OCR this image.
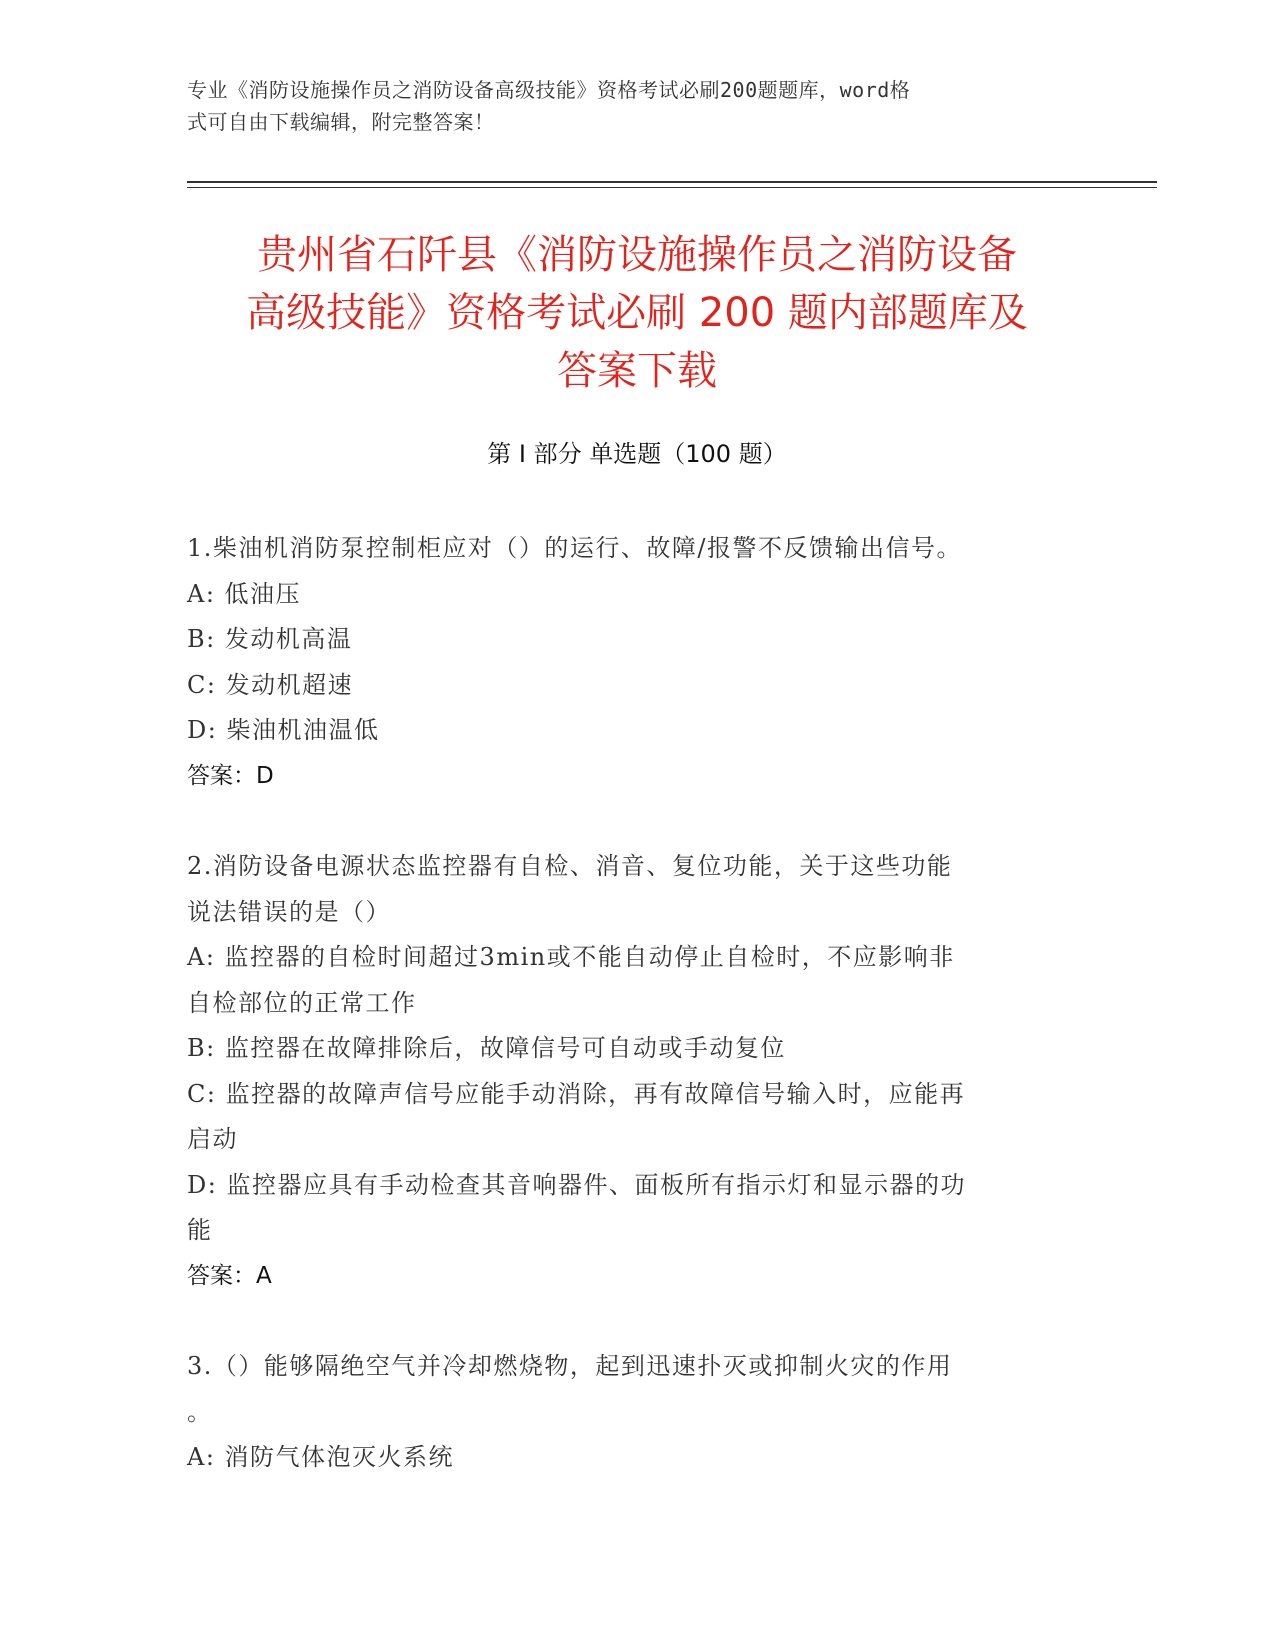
专业《消防设施操作员之消防设备高级技能》资格考试必刷200题题库，word格
式可自由下载编辑，附完整答案！
贵州省石阡县《消防设施操作员之消防设备
高级技能》资格考试必刷 200 题内部题库及
答案下载
第 I 部分 单选题（100 题）
1.柴油机消防泵控制柜应对（）的运行、故障/报警不反馈输出信号。
A: 低油压
B: 发动机高温
C: 发动机超速
D: 柴油机油温低
答案：D
2.消防设备电源状态监控器有自检、消音、复位功能，关于这些功能
说法错误的是（）
A: 监控器的自检时间超过3min或不能自动停止自检时，不应影响非
自检部位的正常工作
B: 监控器在故障排除后，故障信号可自动或手动复位
C: 监控器的故障声信号应能手动消除，再有故障信号输入时，应能再
启动
D: 监控器应具有手动检查其音响器件、面板所有指示灯和显示器的功
能
答案：A
3.（）能够隔绝空气并冷却燃烧物，起到迅速扑灭或抑制火灾的作用
。
A: 消防气体泡灭火系统
